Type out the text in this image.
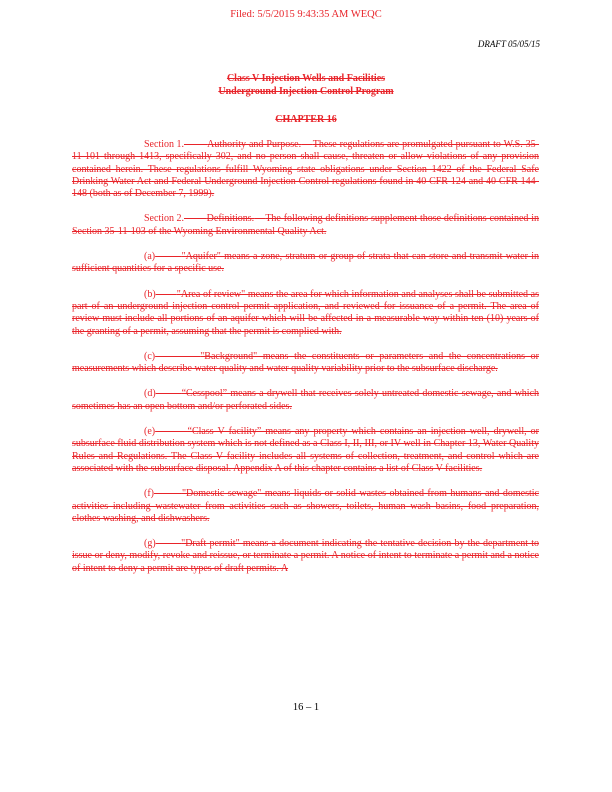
Filed: 5/5/2015 9:43:35 AM WEQC
DRAFT 05/05/15
Class V Injection Wells and Facilities
Underground Injection Control Program
CHAPTER 16

Section 1. Authority and Purpose. These regulations are promulgated pursuant to W.S. 35-11-101 through 1413, specifically 302, and no person shall cause, threaten or allow violations of any provision contained herein. These regulations fulfill Wyoming state obligations under Section 1422 of the Federal Safe Drinking Water Act and Federal Underground Injection Control regulations found in 40 CFR 124 and 40 CFR 144-148 (both as of December 7, 1999).

Section 2. Definitions. The following definitions supplement those definitions contained in Section 35-11-103 of the Wyoming Environmental Quality Act.

(a)	"Aquifer" means a zone, stratum or group of strata that can store and transmit water in sufficient quantities for a specific use.

(b) "Area of review" means the area for which information and analyses shall be submitted as part of an underground injection control permit application, and reviewed for issuance of a permit. The area of review must include all portions of an aquifer which will be affected in a measurable way within ten (10) years of the granting of a permit, assuming that the permit is complied with.

(c)	"Background" means the constituents or parameters and the concentrations or measurements which describe water quality and water quality variability prior to the subsurface discharge.

(d)	“Cesspool” means a drywell that receives solely untreated domestic sewage, and which sometimes has an open bottom and/or perforated sides.

(e)	“Class V facility” means any property which contains an injection well, drywell, or subsurface fluid distribution system which is not defined as a Class I, II, III, or IV well in Chapter 13, Water Quality Rules and Regulations. The Class V facility includes all systems of collection, treatment, and control which are associated with the subsurface disposal. Appendix A of this chapter contains a list of Class V facilities.

(f)	"Domestic sewage" means liquids or solid wastes obtained from humans and domestic activities including wastewater from activities such as showers, toilets, human wash basins, food preparation, clothes washing, and dishwashers.

(g)	"Draft permit" means a document indicating the tentative decision by the department to issue or deny, modify, revoke and reissue, or terminate a permit. A notice of intent to terminate a permit and a notice of intent to deny a permit are types of draft permits. A

16 – 1
